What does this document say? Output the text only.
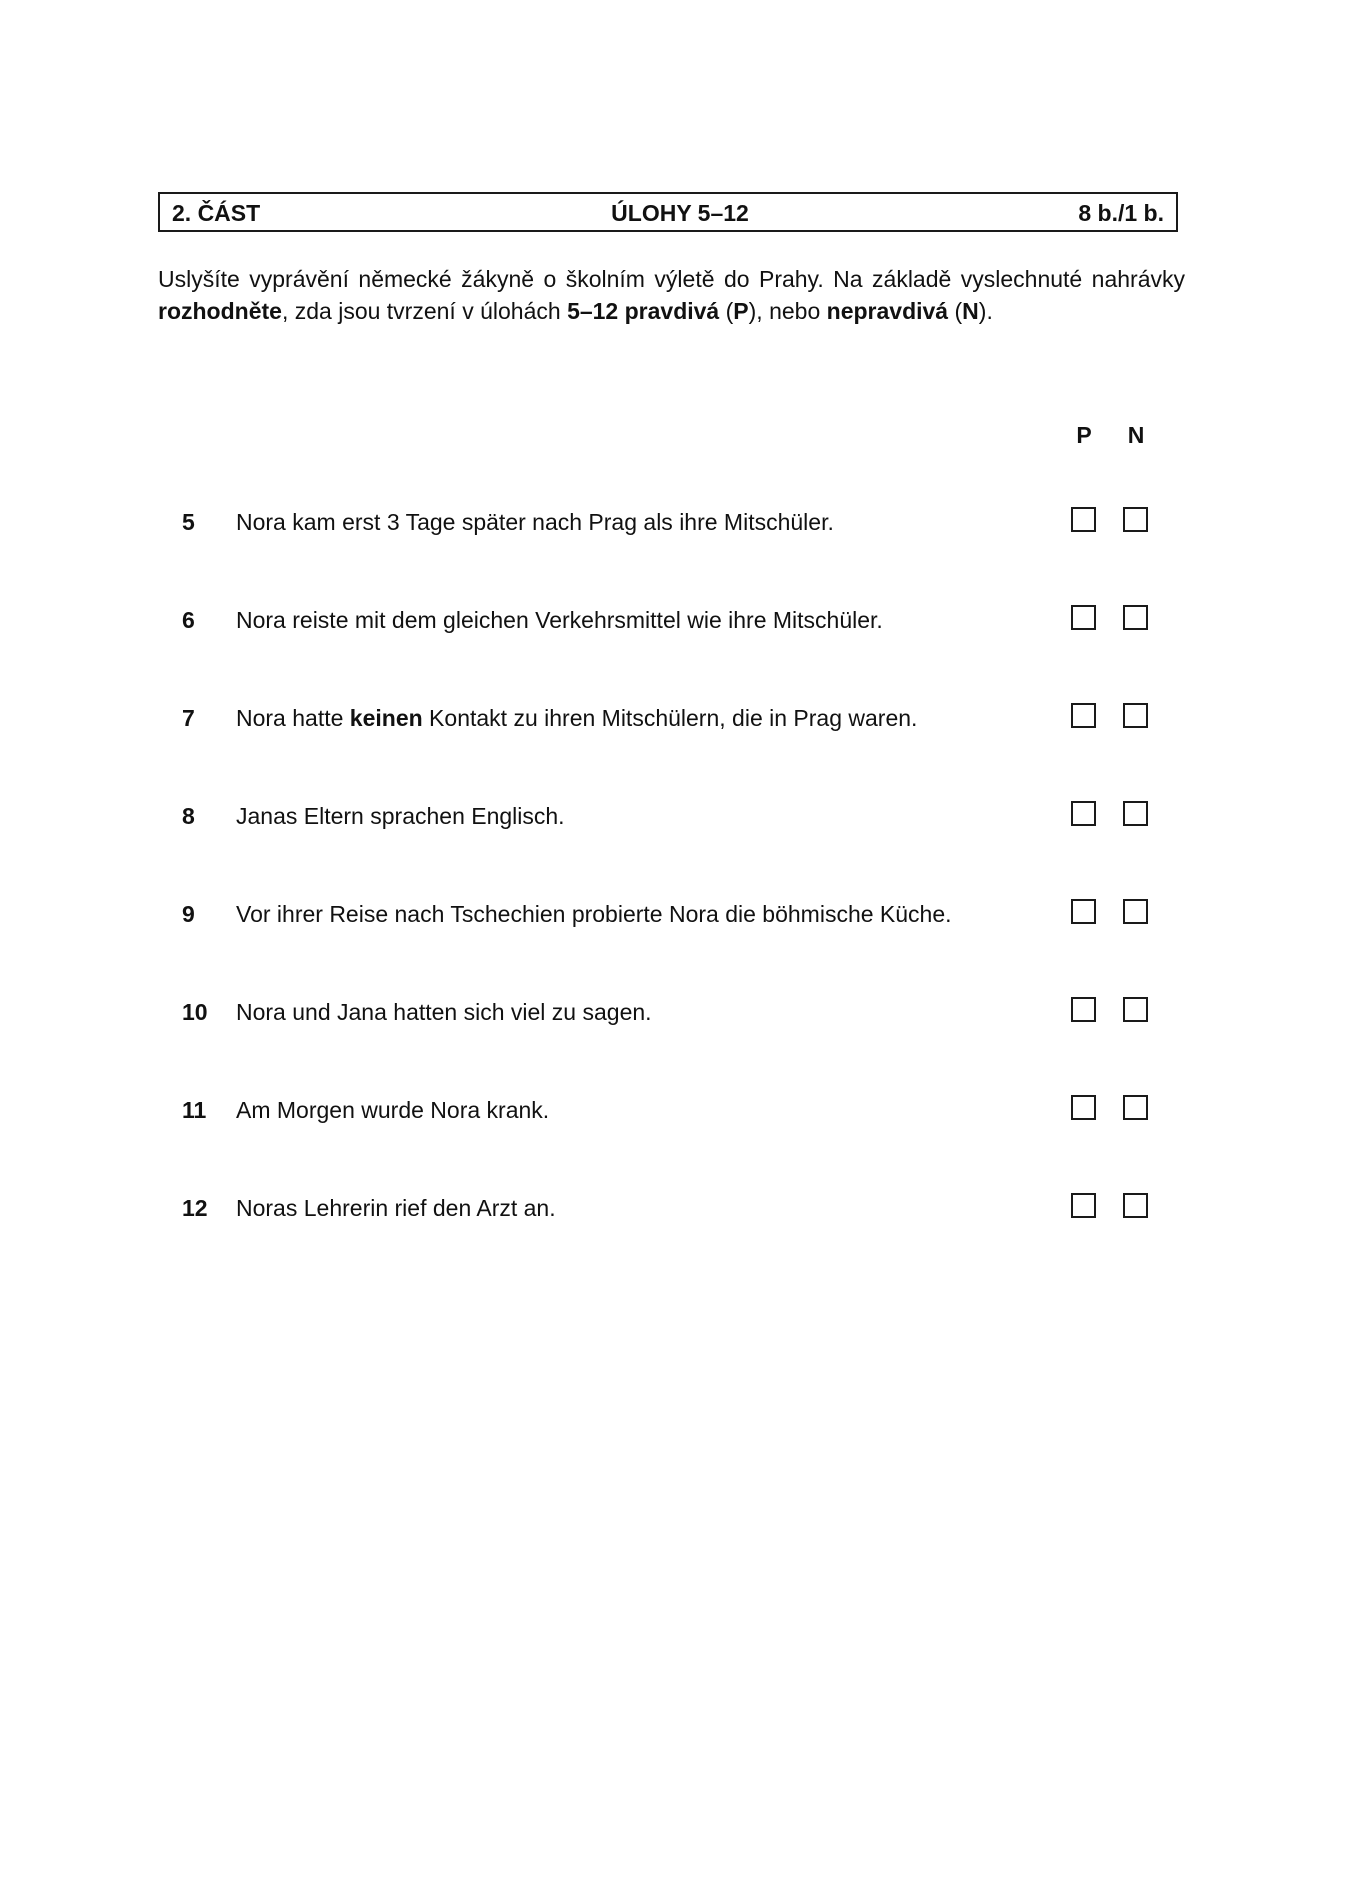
2. ČÁST	ÚLOHY 5–12	8 b./1 b.
Uslyšíte vyprávění německé žákyně o školním výletě do Prahy. Na základě vyslechnuté nahrávky rozhodněte, zda jsou tvrzení v úlohách 5–12 pravdivá (P), nebo nepravdivá (N).
P	N
5 Nora kam erst 3 Tage später nach Prag als ihre Mitschüler.
6 Nora reiste mit dem gleichen Verkehrsmittel wie ihre Mitschüler.
7 Nora hatte keinen Kontakt zu ihren Mitschülern, die in Prag waren.
8 Janas Eltern sprachen Englisch.
9 Vor ihrer Reise nach Tschechien probierte Nora die böhmische Küche.
10 Nora und Jana hatten sich viel zu sagen.
11 Am Morgen wurde Nora krank.
12 Noras Lehrerin rief den Arzt an.
